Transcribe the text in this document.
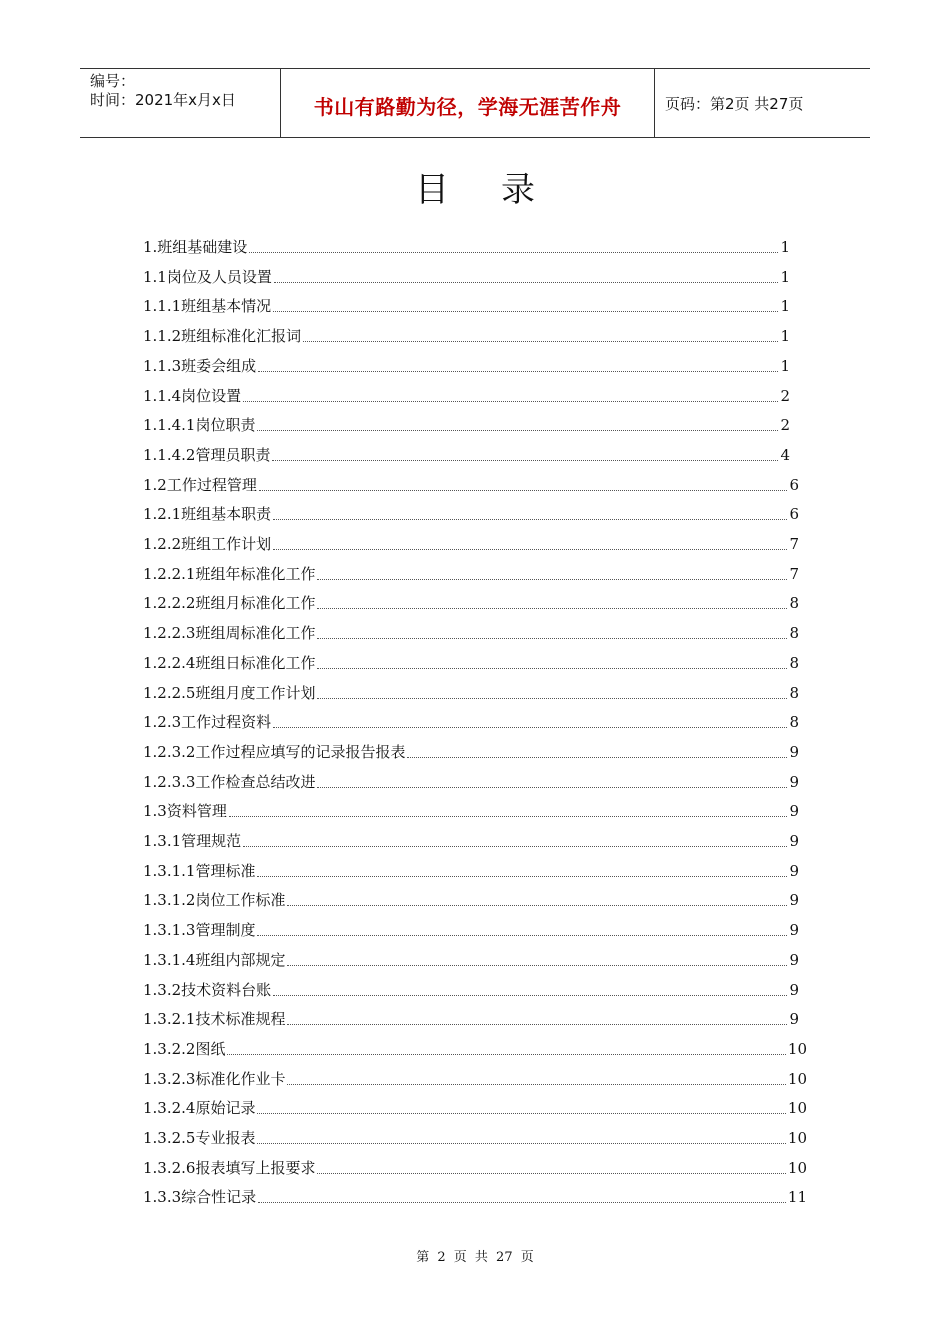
编号：
时间：2021年x月x日	书山有路勤为径，学海无涯苦作舟	页码：第2页 共27页
目录
1.班组基础建设	1
1.1岗位及人员设置	1
1.1.1班组基本情况	1
1.1.2班组标准化汇报词	1
1.1.3班委会组成	1
1.1.4岗位设置	2
1.1.4.1岗位职责	2
1.1.4.2管理员职责	4
1.2工作过程管理	6
1.2.1班组基本职责	6
1.2.2班组工作计划	7
1.2.2.1班组年标准化工作	7
1.2.2.2班组月标准化工作	8
1.2.2.3班组周标准化工作	8
1.2.2.4班组日标准化工作	8
1.2.2.5班组月度工作计划	8
1.2.3工作过程资料	8
1.2.3.2工作过程应填写的记录报告报表	9
1.2.3.3工作检查总结改进	9
1.3资料管理	9
1.3.1管理规范	9
1.3.1.1管理标准	9
1.3.1.2岗位工作标准	9
1.3.1.3管理制度	9
1.3.1.4班组内部规定	9
1.3.2技术资料台账	9
1.3.2.1技术标准规程	9
1.3.2.2图纸	10
1.3.2.3标准化作业卡	10
1.3.2.4原始记录	10
1.3.2.5专业报表	10
1.3.2.6报表填写上报要求	10
1.3.3综合性记录	11
第 2 页 共 27 页
